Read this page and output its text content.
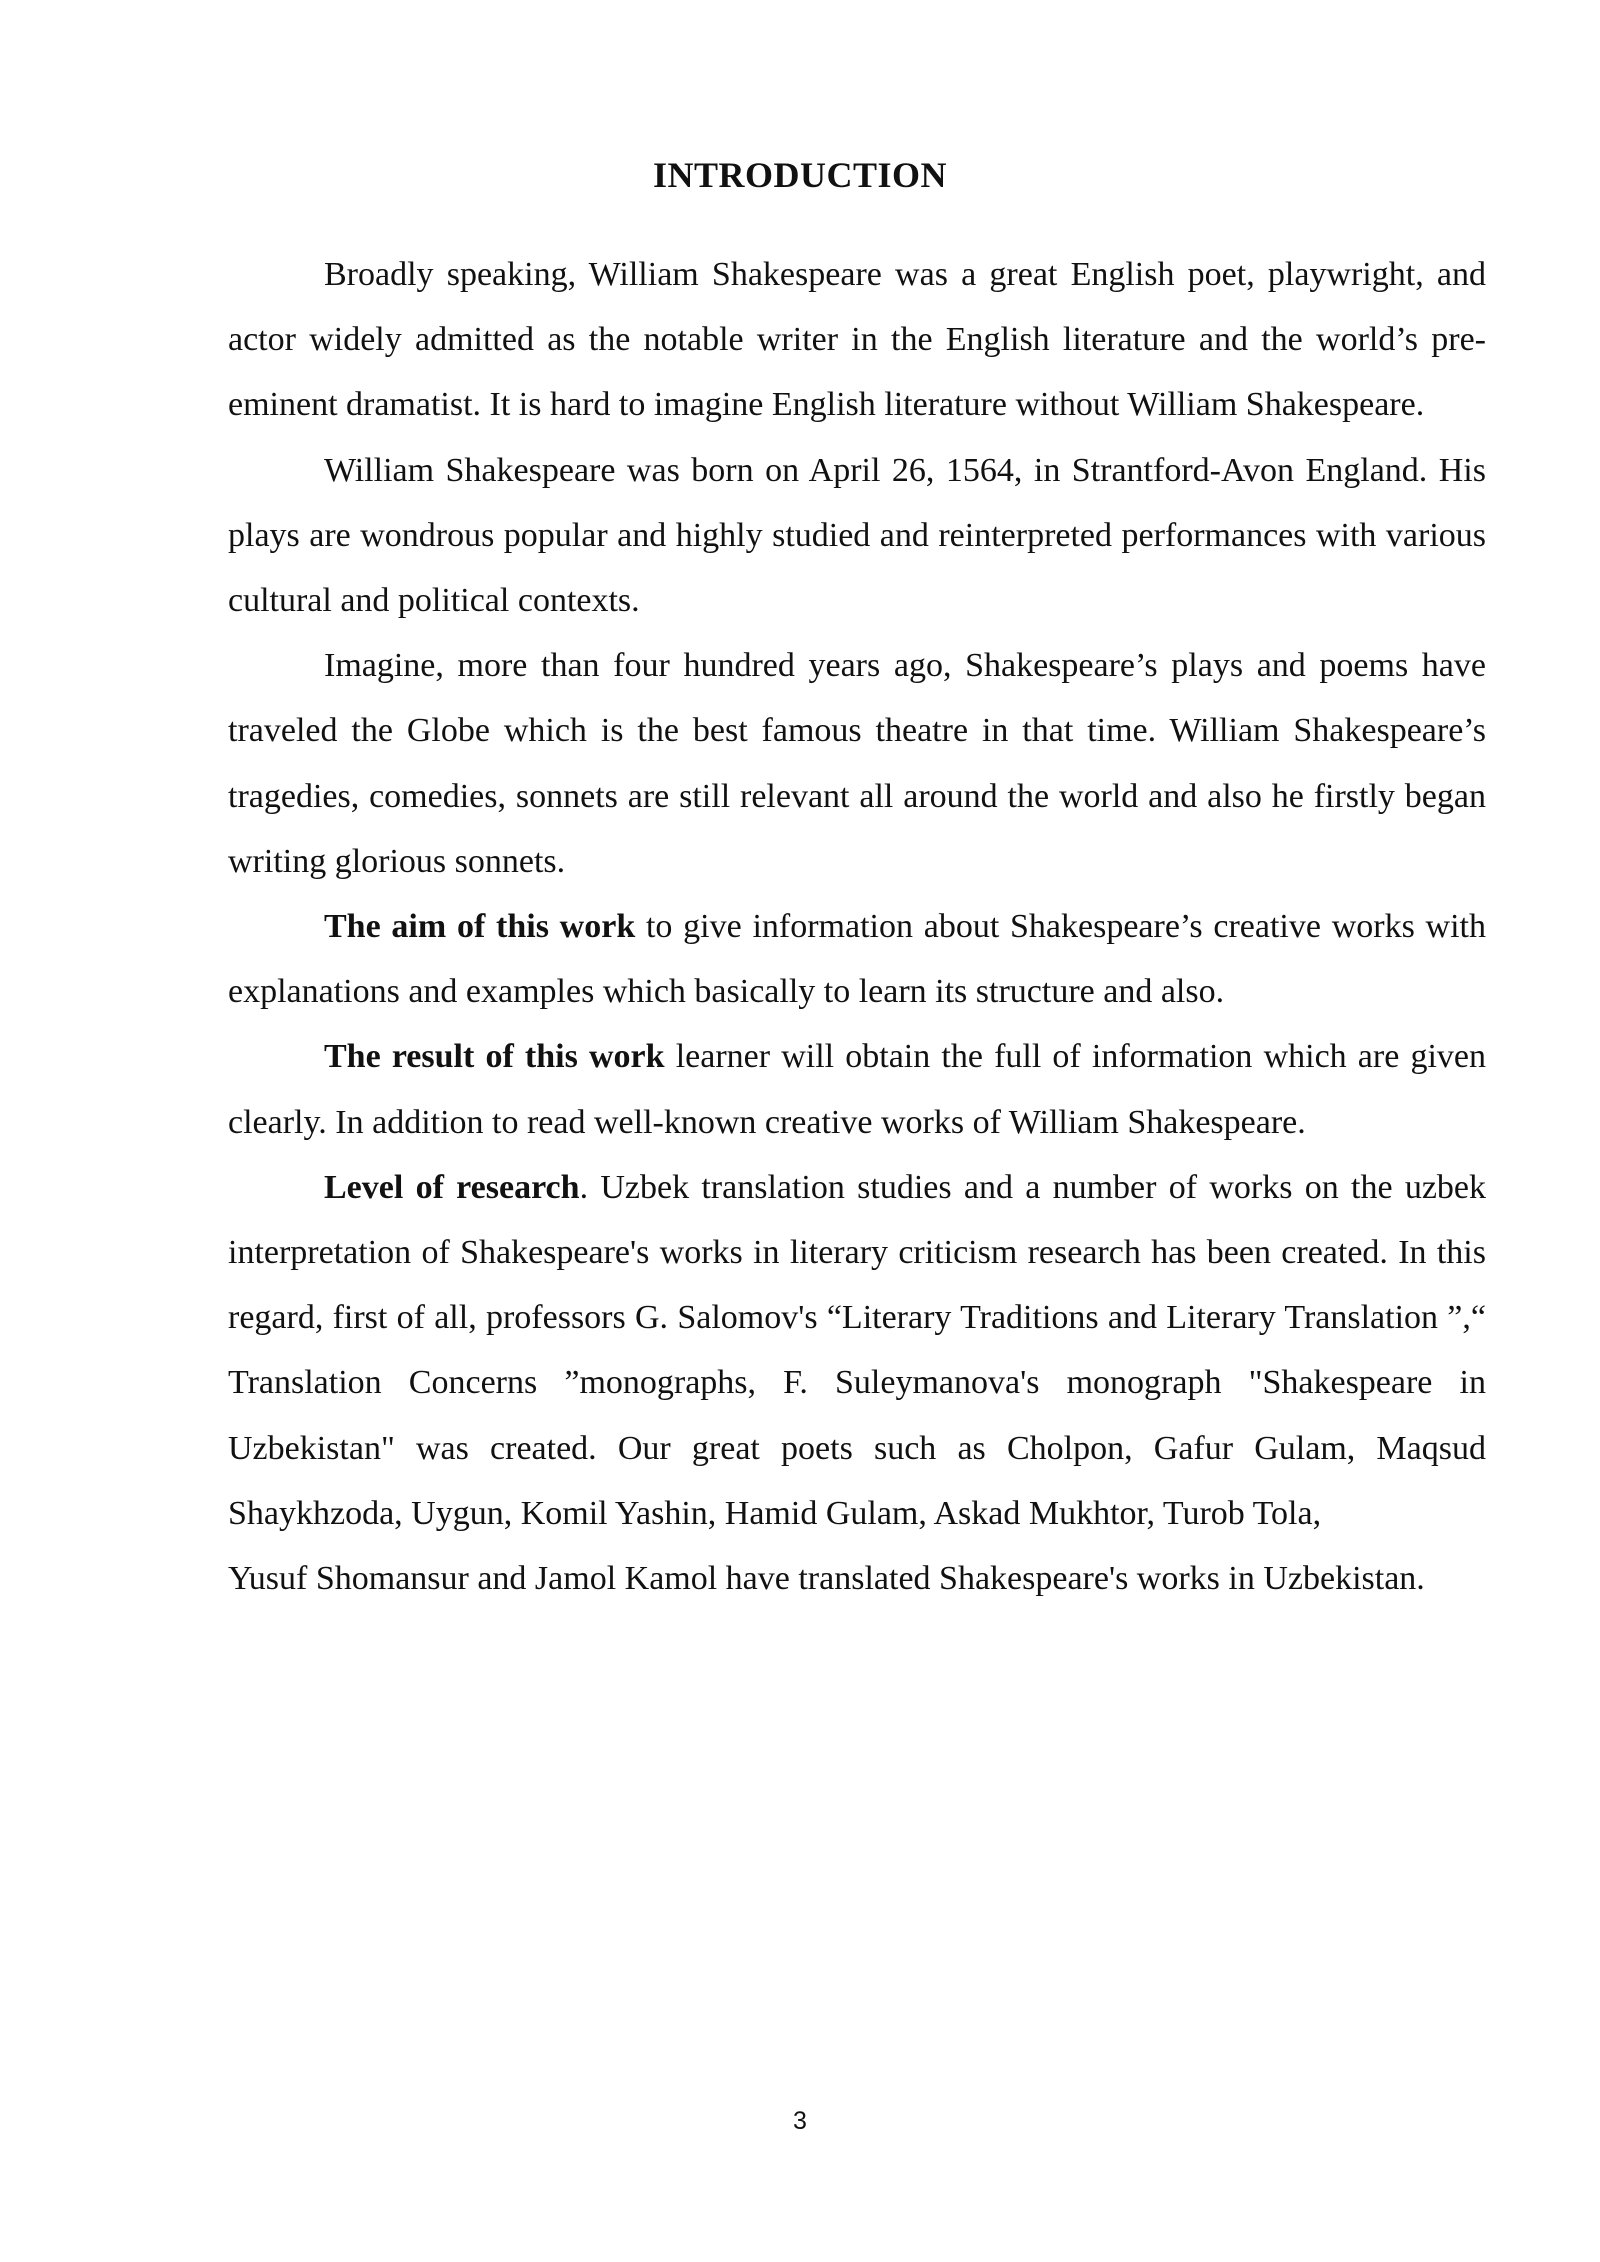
INTRODUCTION

Broadly speaking, William Shakespeare was a great English poet, playwright, and actor widely admitted as the notable writer in the English literature and the world’s pre-eminent dramatist. It is hard to imagine English literature without William Shakespeare.

William Shakespeare was born on April 26, 1564, in Strantford-Avon England. His plays are wondrous popular and highly studied and reinterpreted performances with various cultural and political contexts.

Imagine, more than four hundred years ago, Shakespeare’s plays and poems have traveled the Globe which is the best famous theatre in that time. William Shakespeare’s tragedies, comedies, sonnets are still relevant all around the world and also he firstly began writing glorious sonnets.

The aim of this work to give information about Shakespeare’s creative works with explanations and examples which basically to learn its structure and also.

The result of this work learner will obtain the full of information which are given clearly. In addition to read well-known creative works of William Shakespeare.

Level of research. Uzbek translation studies and a number of works on the uzbek interpretation of Shakespeare's works in literary criticism research has been created. In this regard, first of all, professors G. Salomov's “Literary Traditions and Literary Translation ”,“ Translation Concerns ”monographs, F. Suleymanova's monograph "Shakespeare in Uzbekistan" was created. Our great poets such as Cholpon, Gafur Gulam, Maqsud Shaykhzoda, Uygun, Komil Yashin, Hamid Gulam, Askad Mukhtor, Turob Tola,

Yusuf Shomansur and Jamol Kamol have translated Shakespeare's works in Uzbekistan.

3
